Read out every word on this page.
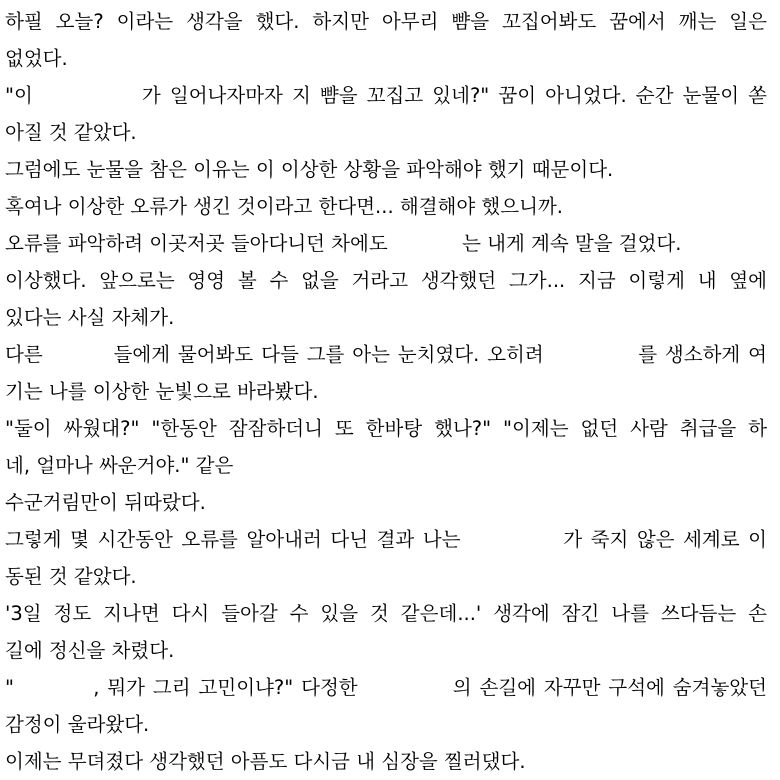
하필 오늘? 이라는 생각을 했다. 하지만 아무리 뺨을 꼬집어봐도 꿈에서 깨는 일은
없었다.
"이            가 일어나자마자 지 뺨을 꼬집고 있네?" 꿈이 아니었다. 순간 눈물이 쏟
아질 것 같았다.
그럼에도 눈물을 참은 이유는 이 이상한 상황을 파악해야 했기 때문이다.
혹여나 이상한 오류가 생긴 것이라고 한다면... 해결해야 했으니까.
오류를 파악하려 이곳저곳 들아다니던 차에도            는 내게 계속 말을 걸었다.
이상했다. 앞으로는 영영 볼 수 없을 거라고 생각했던 그가... 지금 이렇게 내 옆에
있다는 사실 자체가.
다른         들에게 물어봐도 다들 그를 아는 눈치였다. 오히려            를 생소하게 여
기는 나를 이상한 눈빛으로 바라봤다.
"둘이 싸웠대?" "한동안 잠잠하더니 또 한바탕 했나?" "이제는 없던 사람 취급을 하
네, 얼마나 싸운거야." 같은
수군거림만이 뒤따랐다.
그렇게 몇 시간동안 오류를 알아내러 다닌 결과 나는            가 죽지 않은 세계로 이
동된 것 같았다.
'3일 정도 지나면 다시 들아갈 수 있을 것 같은데...' 생각에 잠긴 나를 쓰다듬는 손
길에 정신을 차렸다.
"          , 뭐가 그리 고민이냐?" 다정한            의 손길에 자꾸만 구석에 숨겨놓았던
감정이 울라왔다.
이제는 무뎌졌다 생각했던 아픔도 다시금 내 심장을 찔러댔다.
